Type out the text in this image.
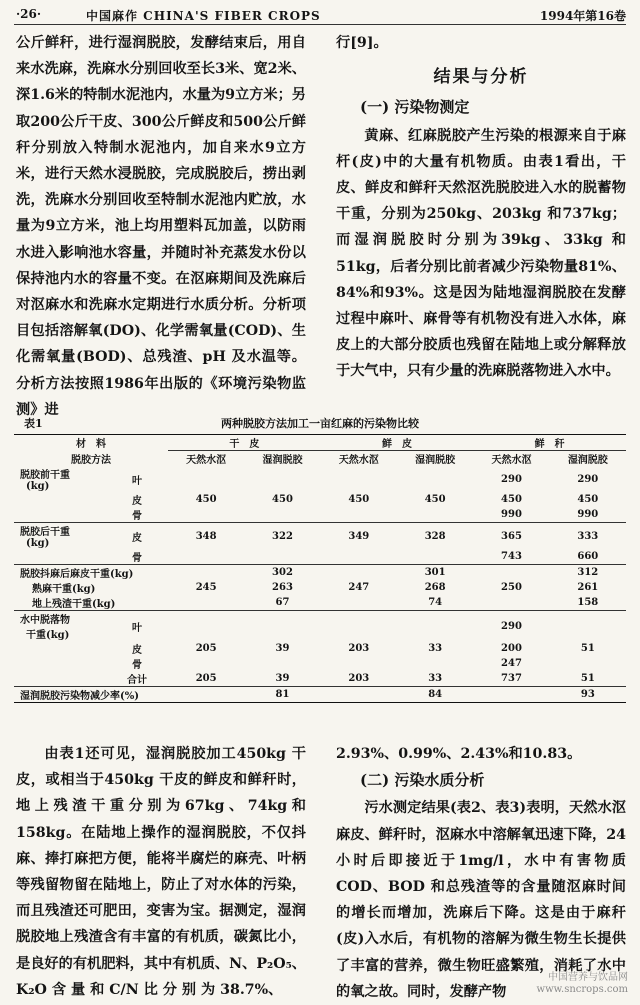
·26·	中国麻作 CHINA'S FIBER CROPS	1994年第16卷

公斤鲜秆，进行湿润脱胶，发酵结束后，用自来水洗麻，洗麻水分别回收至长3米、宽2米、深1.6米的特制水泥池内，水量为9立方米；另取200公斤干皮、300公斤鲜皮和500公斤鲜秆分别放入特制水泥池内，加自来水9立方米，进行天然水浸脱胶，完成脱胶后，捞出剥洗，洗麻水分别回收至特制水泥池内贮放，水量为9立方米，池上均用塑料瓦加盖，以防雨水进入影响池水容量，并随时补充蒸发水份以保持池内水的容量不变。在沤麻期间及洗麻后对沤麻水和洗麻水定期进行水质分析。分析项目包括溶解氧(DO)、化学需氧量(COD)、生化需氧量(BOD)、总残渣、pH 及水温等。分析方法按照1986年出版的《环境污染物监测》进

行[9]。

结果与分析
(一) 污染物测定

黄麻、红麻脱胶产生污染的根源来自于麻杆(皮)中的大量有机物质。由表1看出，干皮、鲜皮和鲜秆天然沤洗脱胶进入水的脱蓄物干重，分别为250kg、203kg 和737kg；而湿润脱胶时分别为39kg、33kg 和51kg，后者分别比前者减少污染物量81%、84%和93%。这是因为陆地湿润脱胶在发酵过程中麻叶、麻骨等有机物没有进入水体，麻皮上的大部分胶质也残留在陆地上或分解释放于大气中，只有少量的洗麻脱落物进入水中。

表1	两种脱胶方法加工一亩红麻的污染物比较
材　料		干　皮		鲜　皮		鲜　秆	
脱胶方法		天然水沤	湿润脱胶	天然水沤	湿润脱胶	天然水沤	湿润脱胶

脱胶前干重
(kg)	叶					290	290
	皮	450	450	450	450	450	450
	骨					990	990

脱胶后干重
(kg)	皮	348	322	349	328	365	333
	骨					743	660
脱胶抖麻后麻皮干重(kg)			302		301		312
熟麻干重(kg)		245	263	247	268	250	261
地上残渣干重(kg)			67		74		158

水中脱落物
干重(kg)	叶					290	
	皮	205	39	203	33	200	51
	骨					247	
	合计	205	39	203	33	737	51
湿润脱胶污染物减少率(%)			81		84		93

由表1还可见，湿润脱胶加工450kg 干皮，或相当于450kg 干皮的鲜皮和鲜秆时，地上残渣干重分别为67kg、74kg和158kg。在陆地上操作的湿润脱胶，不仅抖麻、捧打麻把方便，能将半腐烂的麻壳、叶柄等残留物留在陆地上，防止了对水体的污染，而且残渣还可肥田，变害为宝。据测定，湿润脱胶地上残渣含有丰富的有机质，碳氮比小，是良好的有机肥料，其中有机质、N、P₂O₅、K₂O 含 量 和 C/N 比 分 别 为 38.7%、

2.93%、0.99%、2.43%和10.83。

(二) 污染水质分析

污水测定结果(表2、表3)表明，天然水沤麻皮、鲜秆时，沤麻水中溶解氧迅速下降，24小时后即接近于1mg/l，水中有害物质COD、BOD 和总残渣等的含量随沤麻时间的增长而增加，洗麻后下降。这是由于麻秆(皮)入水后，有机物的溶解为微生物生长提供了丰富的营养，微生物旺盛繁殖，消耗了水中的氧之故。同时，发酵产物

中国营养与饮品网
www.sncrops.com
